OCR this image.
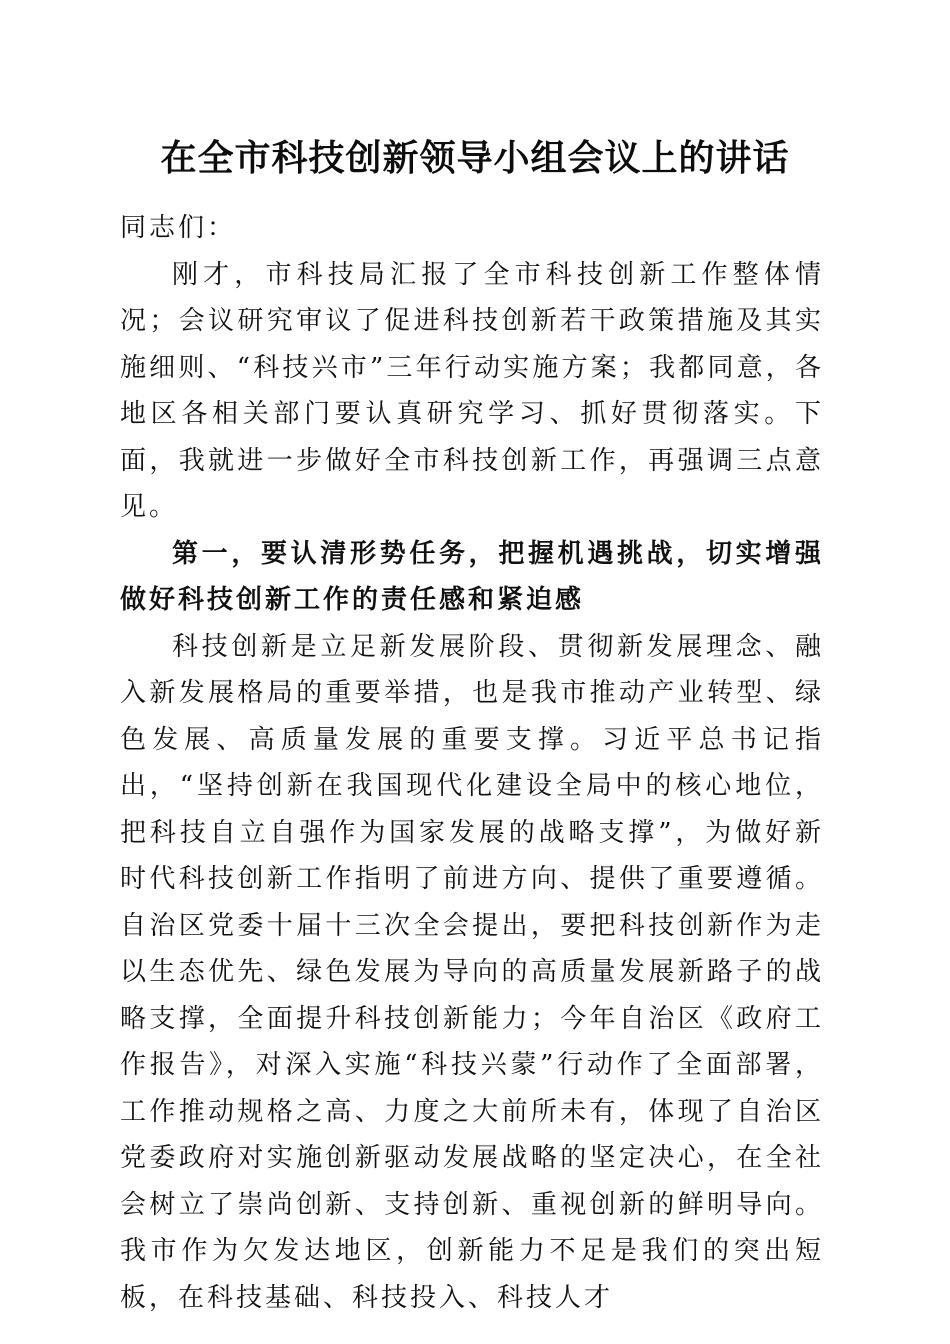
在全市科技创新领导小组会议上的讲话

同志们：

刚才，市科技局汇报了全市科技创新工作整体情况；会议研究审议了促进科技创新若干政策措施及其实施细则、“科技兴市”三年行动实施方案；我都同意，各地区各相关部门要认真研究学习、抓好贯彻落实。下面，我就进一步做好全市科技创新工作，再强调三点意见。

第一，要认清形势任务，把握机遇挑战，切实增强做好科技创新工作的责任感和紧迫感

科技创新是立足新发展阶段、贯彻新发展理念、融入新发展格局的重要举措，也是我市推动产业转型、绿色发展、高质量发展的重要支撑。习近平总书记指出，“坚持创新在我国现代化建设全局中的核心地位，把科技自立自强作为国家发展的战略支撑”，为做好新时代科技创新工作指明了前进方向、提供了重要遵循。自治区党委十届十三次全会提出，要把科技创新作为走以生态优先、绿色发展为导向的高质量发展新路子的战略支撑，全面提升科技创新能力；今年自治区《政府工作报告》，对深入实施“科技兴蒙”行动作了全面部署，工作推动规格之高、力度之大前所未有，体现了自治区党委政府对实施创新驱动发展战略的坚定决心，在全社会树立了崇尚创新、支持创新、重视创新的鲜明导向。我市作为欠发达地区，创新能力不足是我们的突出短板，在科技基础、科技投入、科技人才
